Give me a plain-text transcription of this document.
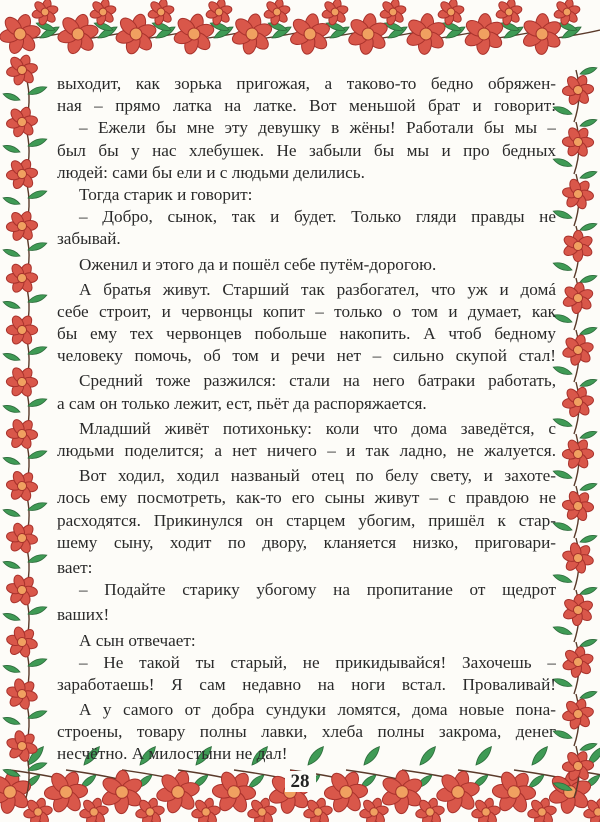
выходит, как зорька пригожая, а таково-то бедно обряжен-
ная – прямо латка на латке. Вот меньшой брат и говорит:
– Ежели бы мне эту девушку в жёны! Работали бы мы –
был бы у нас хлебушек. Не забыли бы мы и про бедных
людей: сами бы ели и с людьми делились.
Тогда старик и говорит:
– Добро, сынок, так и будет. Только гляди правды не
забывай.
Оженил и этого да и пошёл себе путём-дорогою.
А братья живут. Старший так разбогател, что уж и домá
себе строит, и червонцы копит – только о том и думает, как
бы ему тех червонцев побольше накопить. А чтоб бедному
человеку помочь, об том и речи нет – сильно скупой стал!
Средний тоже разжился: стали на него батраки работать,
а сам он только лежит, ест, пьёт да распоряжается.
Младший живёт потихоньку: коли что дома заведётся, с
людьми поделится; а нет ничего – и так ладно, не жалуется.
Вот ходил, ходил названый отец по белу свету, и захоте-
лось ему посмотреть, как-то его сыны живут – с правдою не
расходятся. Прикинулся он старцем убогим, пришёл к стар-
шему сыну, ходит по двору, кланяется низко, приговари-
вает:
– Подайте старику убогому на пропитание от щедрот
ваших!
А сын отвечает:
– Не такой ты старый, не прикидывайся! Захочешь –
заработаешь! Я сам недавно на ноги встал. Проваливай!
А у самого от добра сундуки ломятся, дома новые пона-
строены, товару полны лавки, хлеба полны закрома, денег
несчётно. А милостыни не дал!
28
